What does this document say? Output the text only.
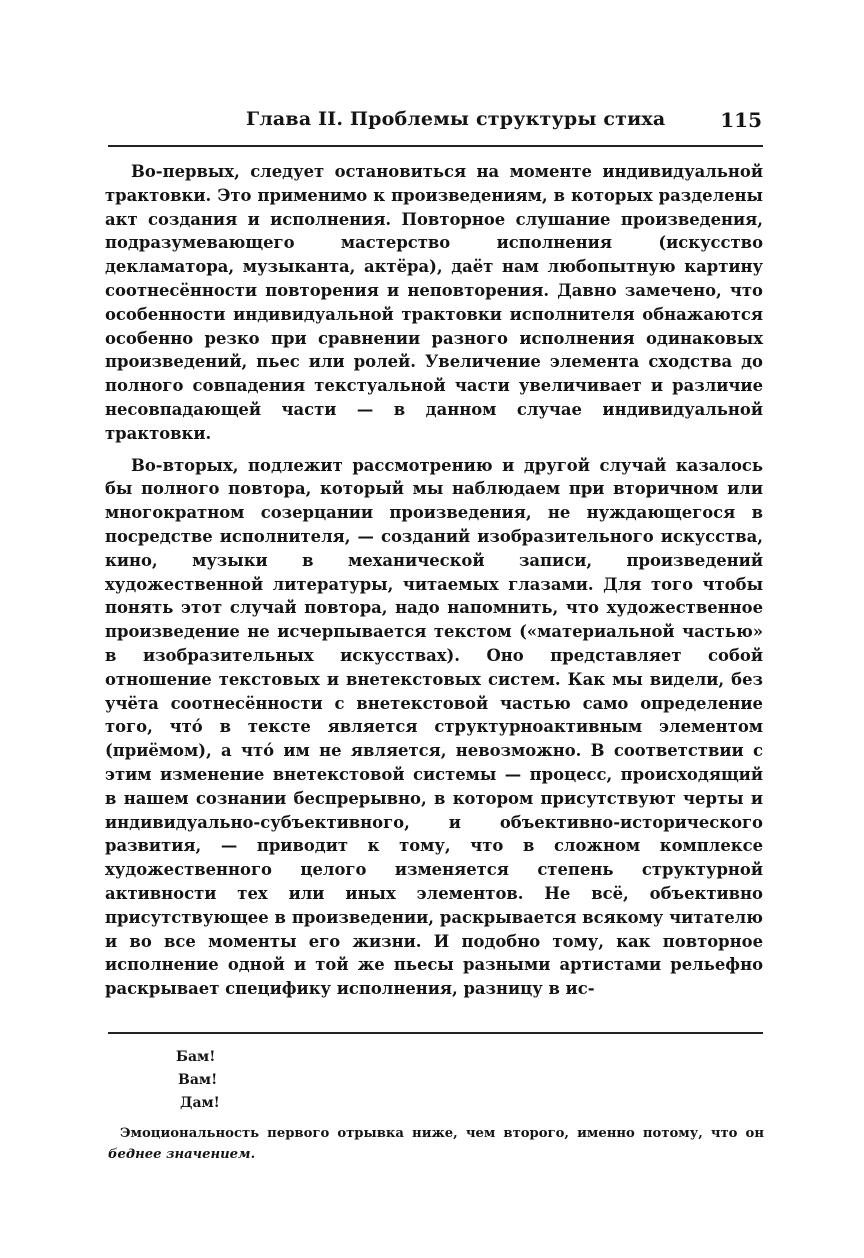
Глава II. Проблемы структуры стиха	115

Во-первых, следует остановиться на моменте индивидуальной трактовки. Это применимо к произведениям, в которых разделены акт создания и исполнения. Повторное слушание произведения, подразумевающего мастерство исполнения (искусство декламатора, музыканта, актёра), даёт нам любопытную картину соотнесённости повторения и неповторения. Давно замечено, что особенности индивидуальной трактовки исполнителя обнажаются особенно резко при сравнении разного исполнения одинаковых произведений, пьес или ролей. Увеличение элемента сходства до полного совпадения текстуальной части увеличивает и различие несовпадающей части — в данном случае индивидуальной трактовки.

Во-вторых, подлежит рассмотрению и другой случай казалось бы полного повтора, который мы наблюдаем при вторичном или многократном созерцании произведения, не нуждающегося в посредстве исполнителя, — созданий изобразительного искусства, кино, музыки в механической записи, произведений художественной литературы, читаемых глазами. Для того чтобы понять этот случай повтора, надо напомнить, что художественное произведение не исчерпывается текстом («материальной частью» в изобразительных искусствах). Оно представляет собой отношение текстовых и внетекстовых систем. Как мы видели, без учёта соотнесённости с внетекстовой частью само определение того, что́ в тексте является структурноактивным элементом (приёмом), а что́ им не является, невозможно. В соответствии с этим изменение внетекстовой системы — процесс, происходящий в нашем сознании беспрерывно, в котором присутствуют черты и индивидуально-субъективного, и объективно-исторического развития, — приводит к тому, что в сложном комплексе художественного целого изменяется степень структурной активности тех или иных элементов. Не всё, объективно присутствующее в произведении, раскрывается всякому читателю и во все моменты его жизни. И подобно тому, как повторное исполнение одной и той же пьесы разными артистами рельефно раскрывает специфику исполнения, разницу в ис-

Бам!
Вам!
Дам!

Эмоциональность первого отрывка ниже, чем второго, именно потому, что он беднее значением.
